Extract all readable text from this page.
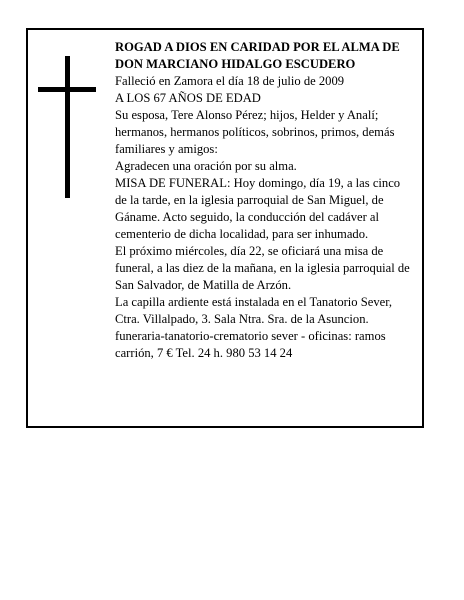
ROGAD A DIOS EN CARIDAD POR EL ALMA DE DON MARCIANO HIDALGO ESCUDERO
Falleció en Zamora el día 18 de julio de 2009
A LOS 67 AÑOS DE EDAD
Su esposa, Tere Alonso Pérez; hijos, Helder y Analí; hermanos, hermanos políticos, sobrinos, primos, demás familiares y amigos:
Agradecen una oración por su alma.
MISA DE FUNERAL: Hoy domingo, día 19, a las cinco de la tarde, en la iglesia parroquial de San Miguel, de Gáname. Acto seguido, la conducción del cadáver al cementerio de dicha localidad, para ser inhumado.
El próximo miércoles, día 22, se oficiará una misa de funeral, a las diez de la mañana, en la iglesia parroquial de San Salvador, de Matilla de Arzón.
La capilla ardiente está instalada en el Tanatorio Sever, Ctra. Villalpado, 3. Sala Ntra. Sra. de la Asuncion. funeraria-tanatorio-crematorio sever - oficinas: ramos carrión, 7 € Tel. 24 h. 980 53 14 24
